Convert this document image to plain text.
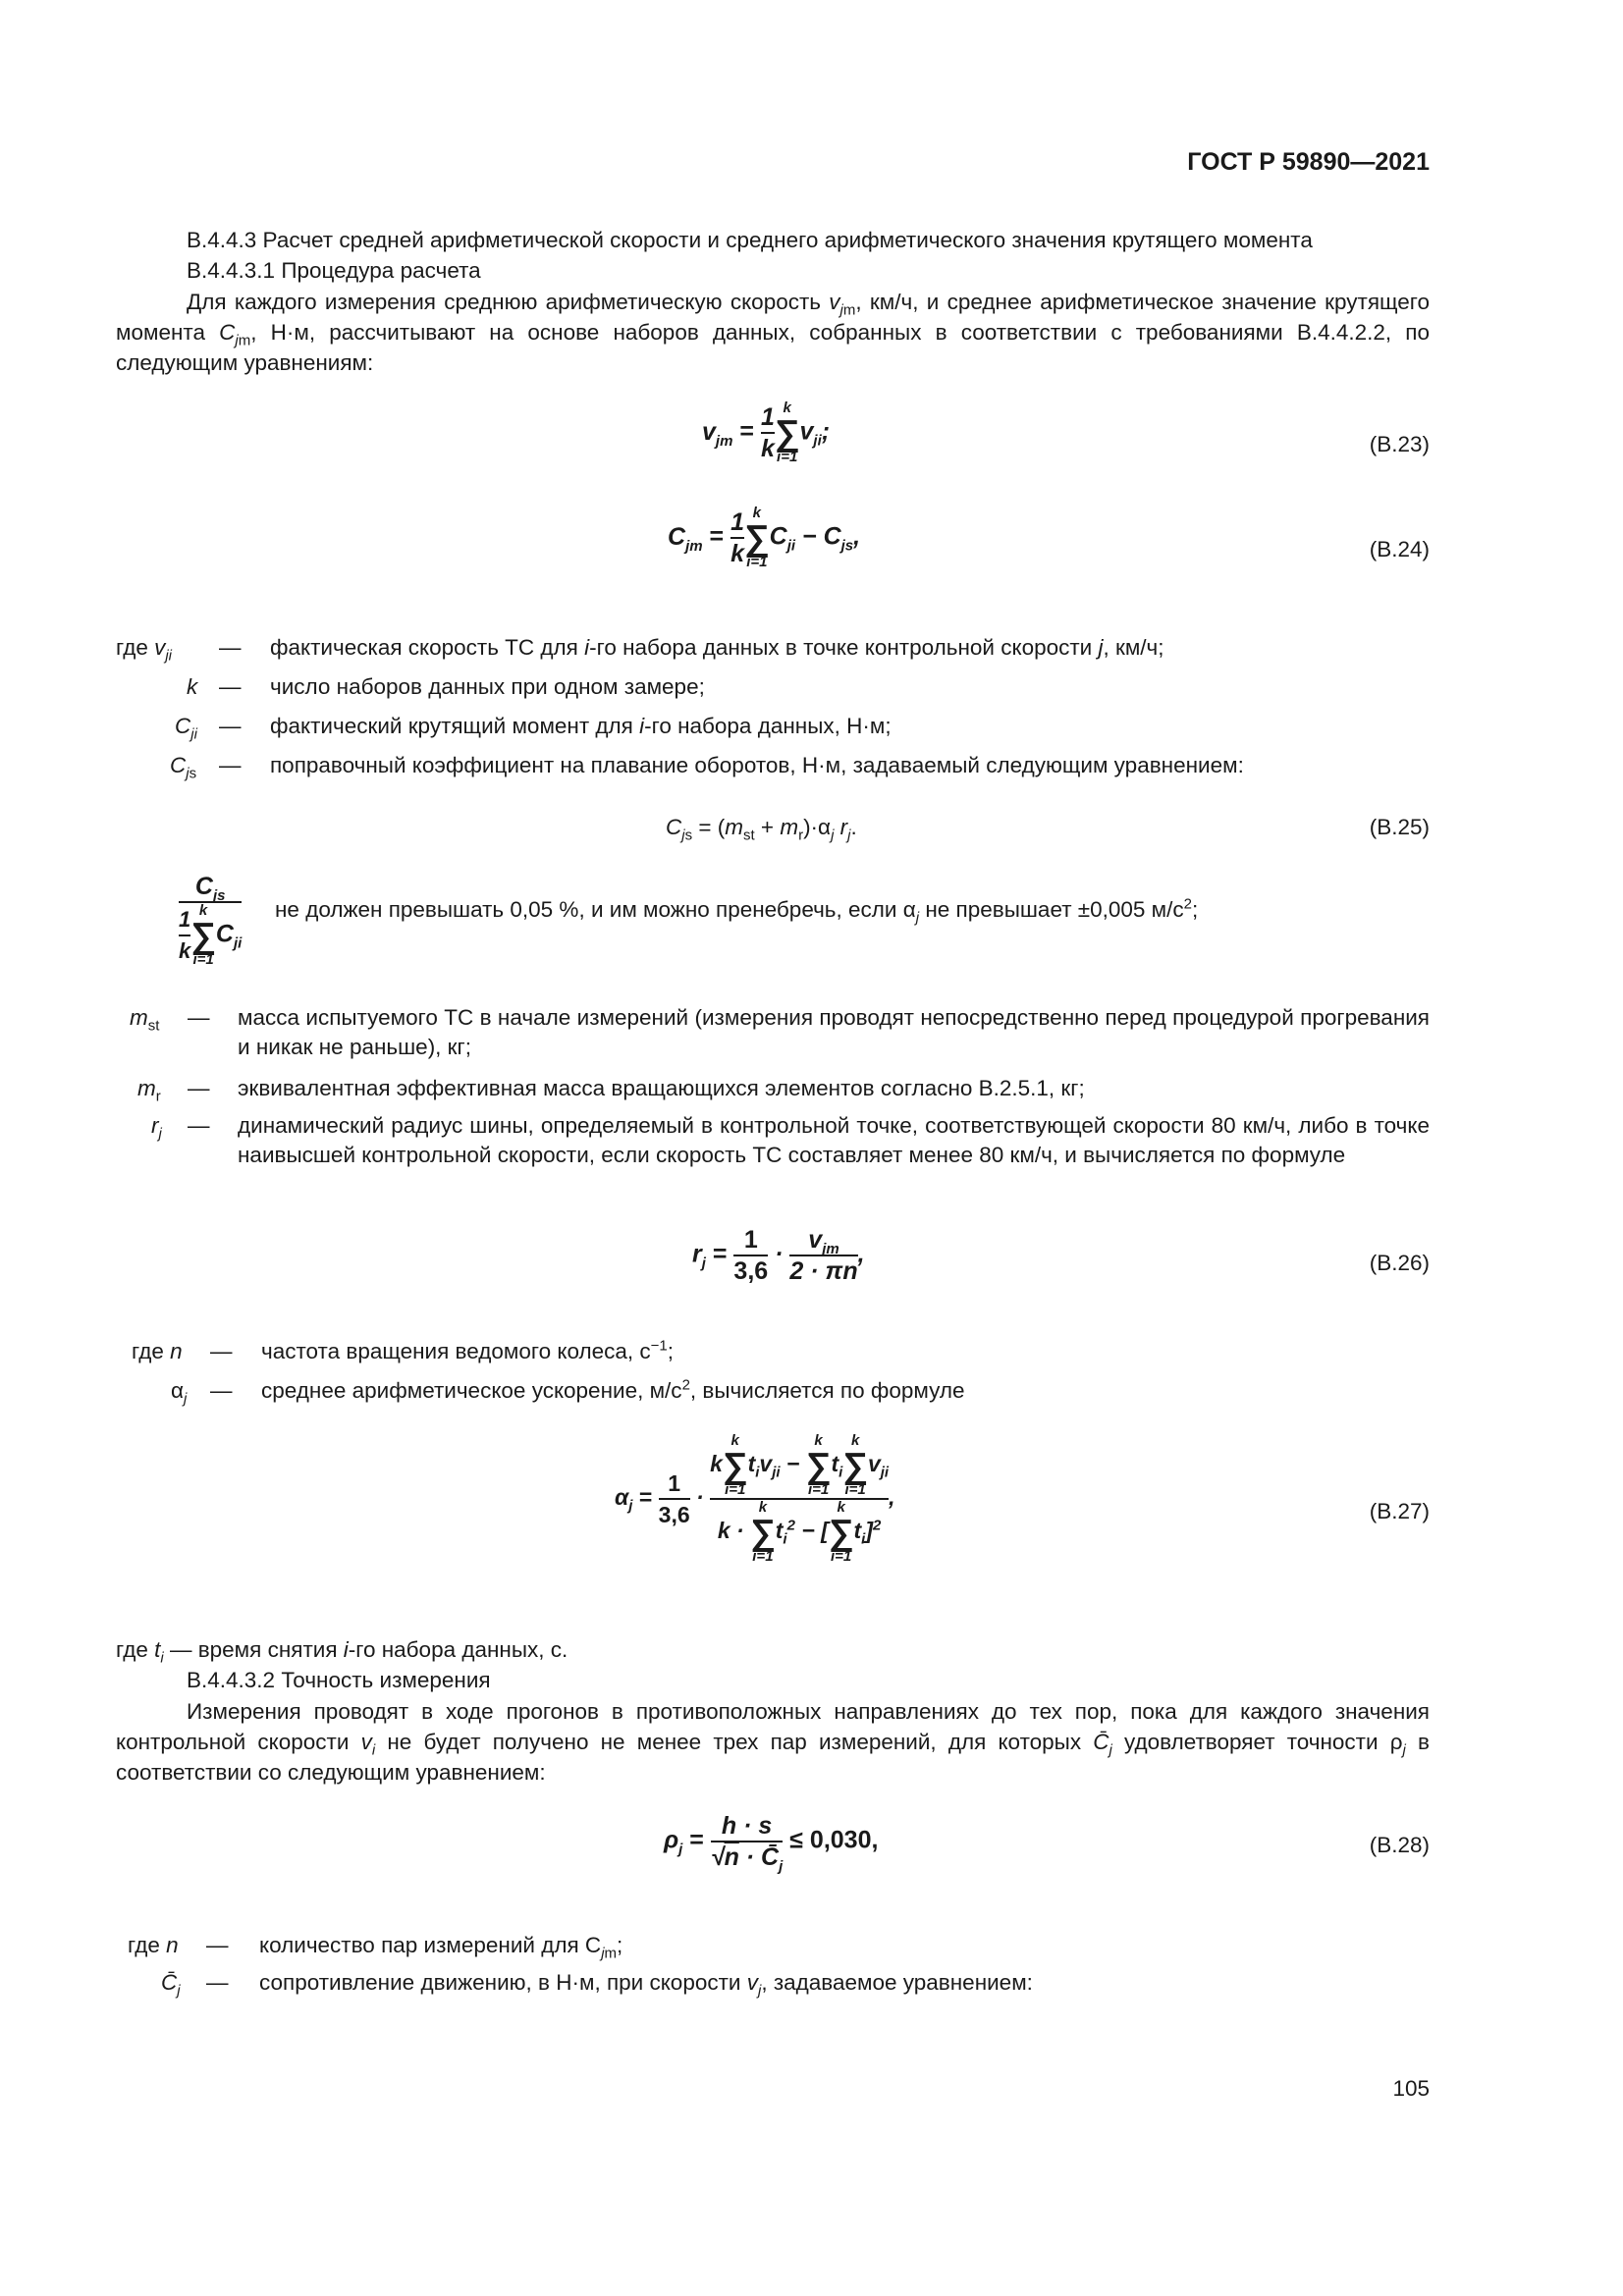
ГОСТ Р 59890—2021
В.4.4.3 Расчет средней арифметической скорости и среднего арифметического значения крутящего момента
В.4.4.3.1 Процедура расчета
Для каждого измерения среднюю арифметическую скорость $v_{jm}$, км/ч, и среднее арифметическое значение крутящего момента $C_{jm}$, Н·м, рассчитывают на основе наборов данных, собранных в соответствии с требованиями В.4.4.2.2, по следующим уравнениям:
$v_{jm} = \frac{1}{k}$ k
∑
i=1
$v_{ji}$;	(В.23)
$C_{jm} = \frac{1}{k}$ k
∑
i=1
$C_{ji} - C_{js}$,	(В.24)
где $v_{ji}$	— фактическая скорость ТС для i-го набора данных в точке контрольной скорости j, км/ч;
k — число наборов данных при одном замере;
$C_{ji}$ — фактический крутящий момент для i-го набора данных, Н·м;
$C_{js}$ — поправочный коэффициент на плавание оборотов, Н·м, задаваемый следующим уравнением:
$C_{js} = (m_{st} + m_r)\cdot\alpha_j$ $r_j$.	(В.25)
$C_{js}$
$\frac{1}{k}$ k
∑
i=1
$C_{ji}$ не должен превышать 0,05 %, и им можно пренебречь, если $\alpha_j$ не превышает ±0,005 $м/с^2$;
$m_{st}$ — масса испытуемого ТС в начале измерений (измерения проводят непосредственно перед процедурой прогревания и никак не раньше), кг;
$m_r$ — эквивалентная эффективная масса вращающихся элементов согласно В.2.5.1, кг;
$r_j$ — динамический радиус шины, определяемый в контрольной точке, соответствующей скорости 80 км/ч, либо в точке наивысшей контрольной скорости, если скорость ТС составляет менее 80 км/ч, и вычисляется по формуле
$r_j = \frac{1}{3,6} \cdot \frac{v_{jm}}{2 \cdot \pi n}$ ,	(В.26)
где n — частота вращения ведомого колеса, $с^{-1}$;
$\alpha_j$ — среднее арифметическое ускорение, $м/с^2$, вычисляется по формуле
$\alpha_j = \frac{1}{3,6} \cdot k$
k
∑
i=1
$t_iv_{ji}$ −
k
∑
i=1
$t_i$
k
∑
i=1
$v_{ji}$
k ·
k
∑
i=1
$t_i^2$ − [
k
∑
i=1
$t_i]^2$ ,
(В.27)
где $t_i$ — время снятия i-го набора данных, с.
В.4.4.3.2 Точность измерения
Измерения проводят в ходе прогонов в противоположных направлениях до тех пор, пока для каждого значения контрольной скорости $v_i$ не будет получено не менее трех пар измерений, для которых $C̄_j$ удовлетворяет точности $\rho_j$ в соответствии со следующим уравнением:
$\rho_j = \frac{h \cdot s}{√n \cdot C̄_j} \le 0,030$,	(В.28)
где n — количество пар измерений для $C_{jm}$;
$C̄_j$ — сопротивление движению, в Н·м, при скорости $v_j$, задаваемое уравнением:
105
